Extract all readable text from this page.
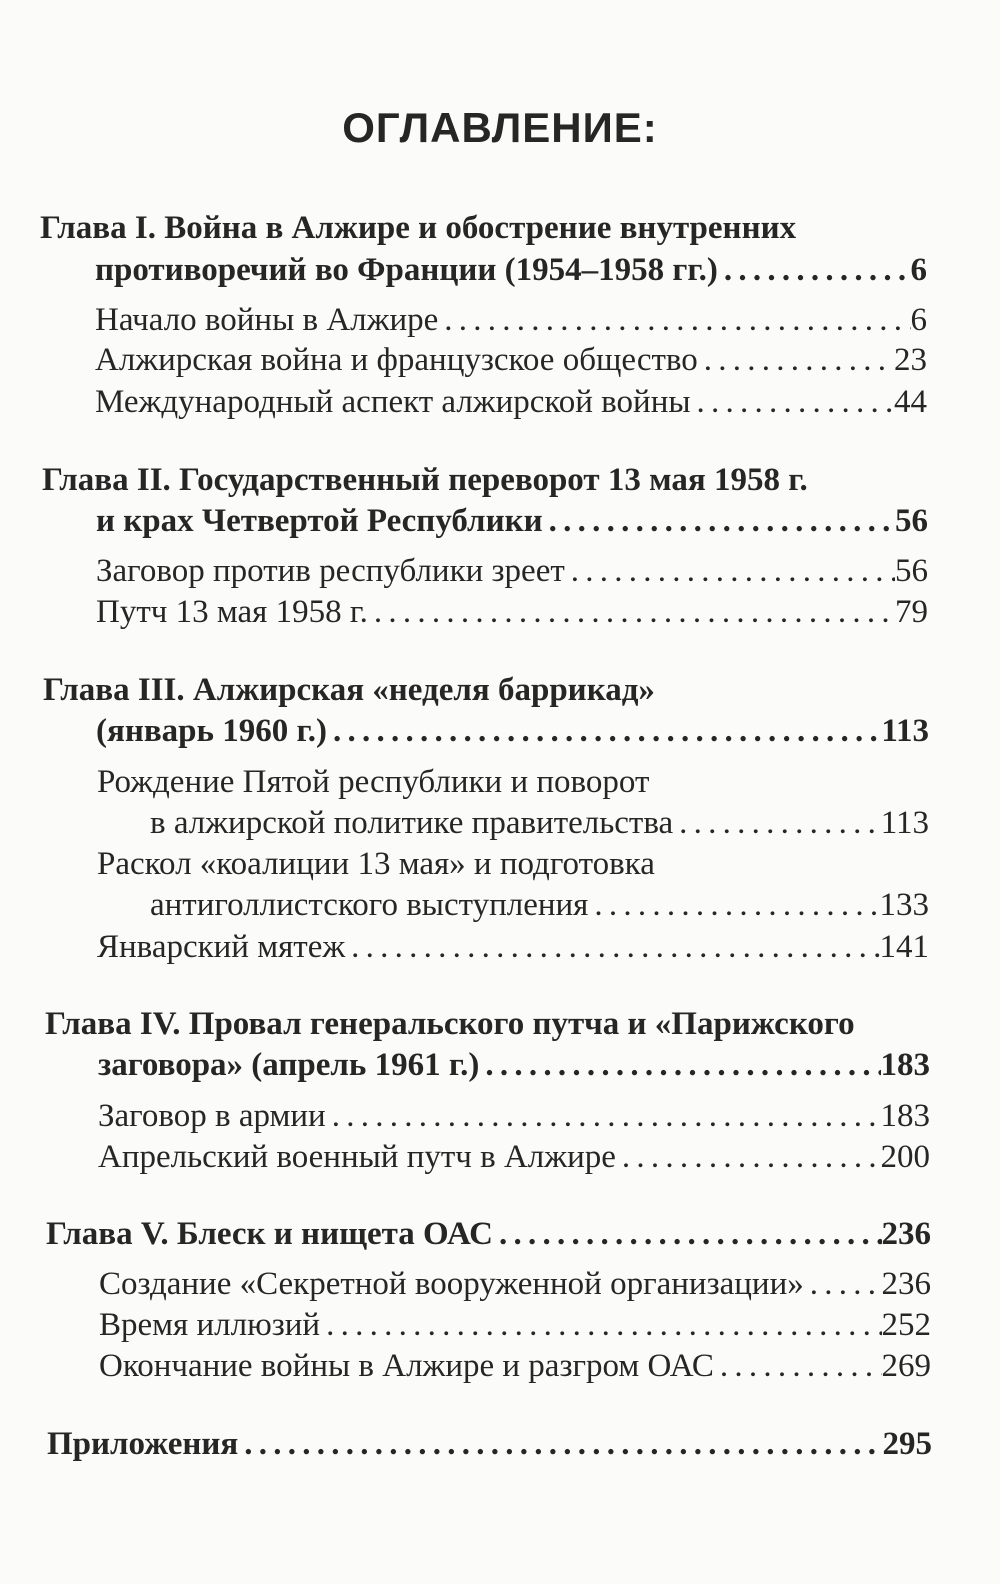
ОГЛАВЛЕНИЕ:
Глава I. Война в Алжире и обострение внутренних
противоречий во Франции (1954–1958 гг.) . . .	6
Начало войны в Алжире . . .	6
Алжирская война и французское общество . . .	23
Международный аспект алжирской войны . . .	44
Глава II. Государственный переворот 13 мая 1958 г.
и крах Четвертой Республики . . .	56
Заговор против республики зреет . . .	56
Путч 13 мая 1958 г. . . .	79
Глава III. Алжирская «неделя баррикад»
(январь 1960 г.) . . .	113
Рождение Пятой республики и поворот
в алжирской политике правительства . . .	113
Раскол «коалиции 13 мая» и подготовка
антиголлистского выступления . . .	133
Январский мятеж . . .	141
Глава IV. Провал генеральского путча и «Парижского
заговора» (апрель 1961 г.) . . .	183
Заговор в армии . . .	183
Апрельский военный путч в Алжире . . .	200
Глава V. Блеск и нищета ОАС . . .	236
Создание «Секретной вооруженной организации» . . . 236
Время иллюзий . . .	252
Окончание войны в Алжире и разгром ОАС . . .	269
Приложения . . .	295
